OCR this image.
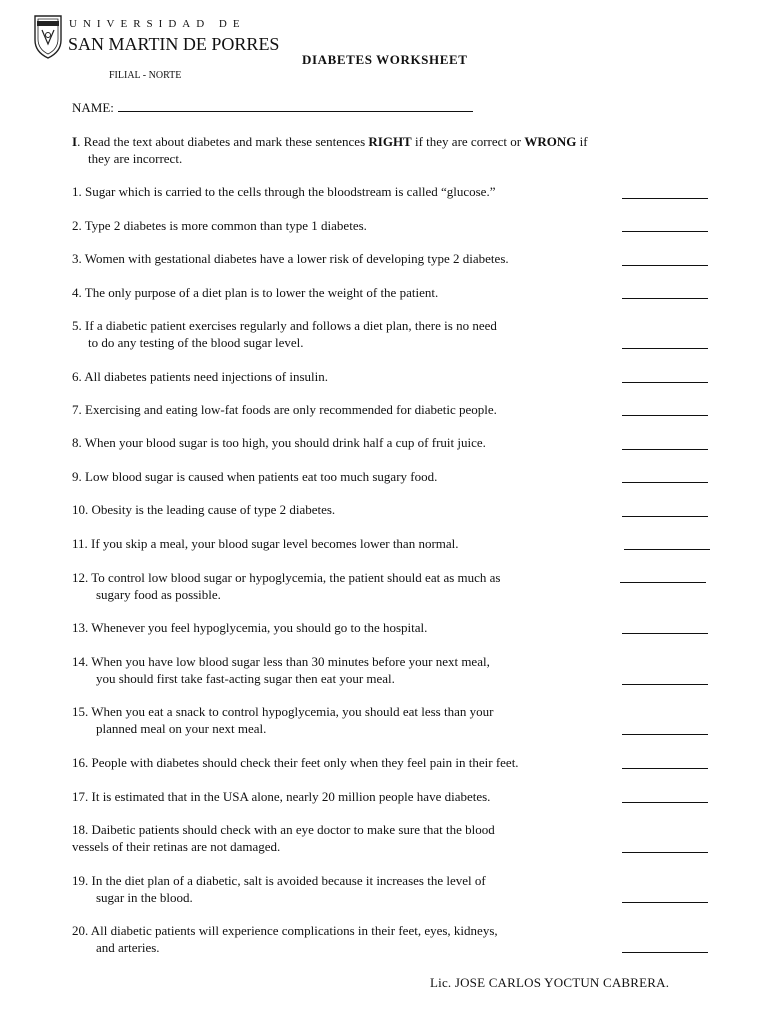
UNIVERSIDAD DE
SAN MARTIN DE PORRES
FILIAL - NORTE
DIABETES WORKSHEET
NAME:
I. Read the text about diabetes and mark these sentences RIGHT if they are correct or WRONG if
they are incorrect.
1. Sugar which is carried to the cells through the bloodstream is called “glucose.”
2. Type 2 diabetes is more common than type 1 diabetes.
3. Women with gestational diabetes have a lower risk of developing type 2 diabetes.
4. The only purpose of a diet plan is to lower the weight of the patient.
5. If a diabetic patient exercises regularly and follows a diet plan, there is no need
to do any testing of the blood sugar level.
6. All diabetes patients need injections of insulin.
7. Exercising and eating low-fat foods are only recommended for diabetic people.
8. When your blood sugar is too high, you should drink half a cup of fruit juice.
9. Low blood sugar is caused when patients eat too much sugary food.
10. Obesity is the leading cause of type 2 diabetes.
11. If you skip a meal, your blood sugar level becomes lower than normal.
12. To control low blood sugar or hypoglycemia, the patient should eat as much as
sugary food as possible.
13. Whenever you feel hypoglycemia, you should go to the hospital.
14. When you have low blood sugar less than 30 minutes before your next meal,
you should first take fast-acting sugar then eat your meal.
15. When you eat a snack to control hypoglycemia, you should eat less than your
planned meal on your next meal.
16. People with diabetes should check their feet only when they feel pain in their feet.
17. It is estimated that in the USA alone, nearly 20 million people have diabetes.
18. Daibetic patients should check with an eye doctor to make sure that the blood
vessels of their retinas are not damaged.
19. In the diet plan of a diabetic, salt is avoided because it increases the level of
sugar in the blood.
20. All diabetic patients will experience complications in their feet, eyes, kidneys,
and arteries.
Lic. JOSE CARLOS YOCTUN CABRERA.
